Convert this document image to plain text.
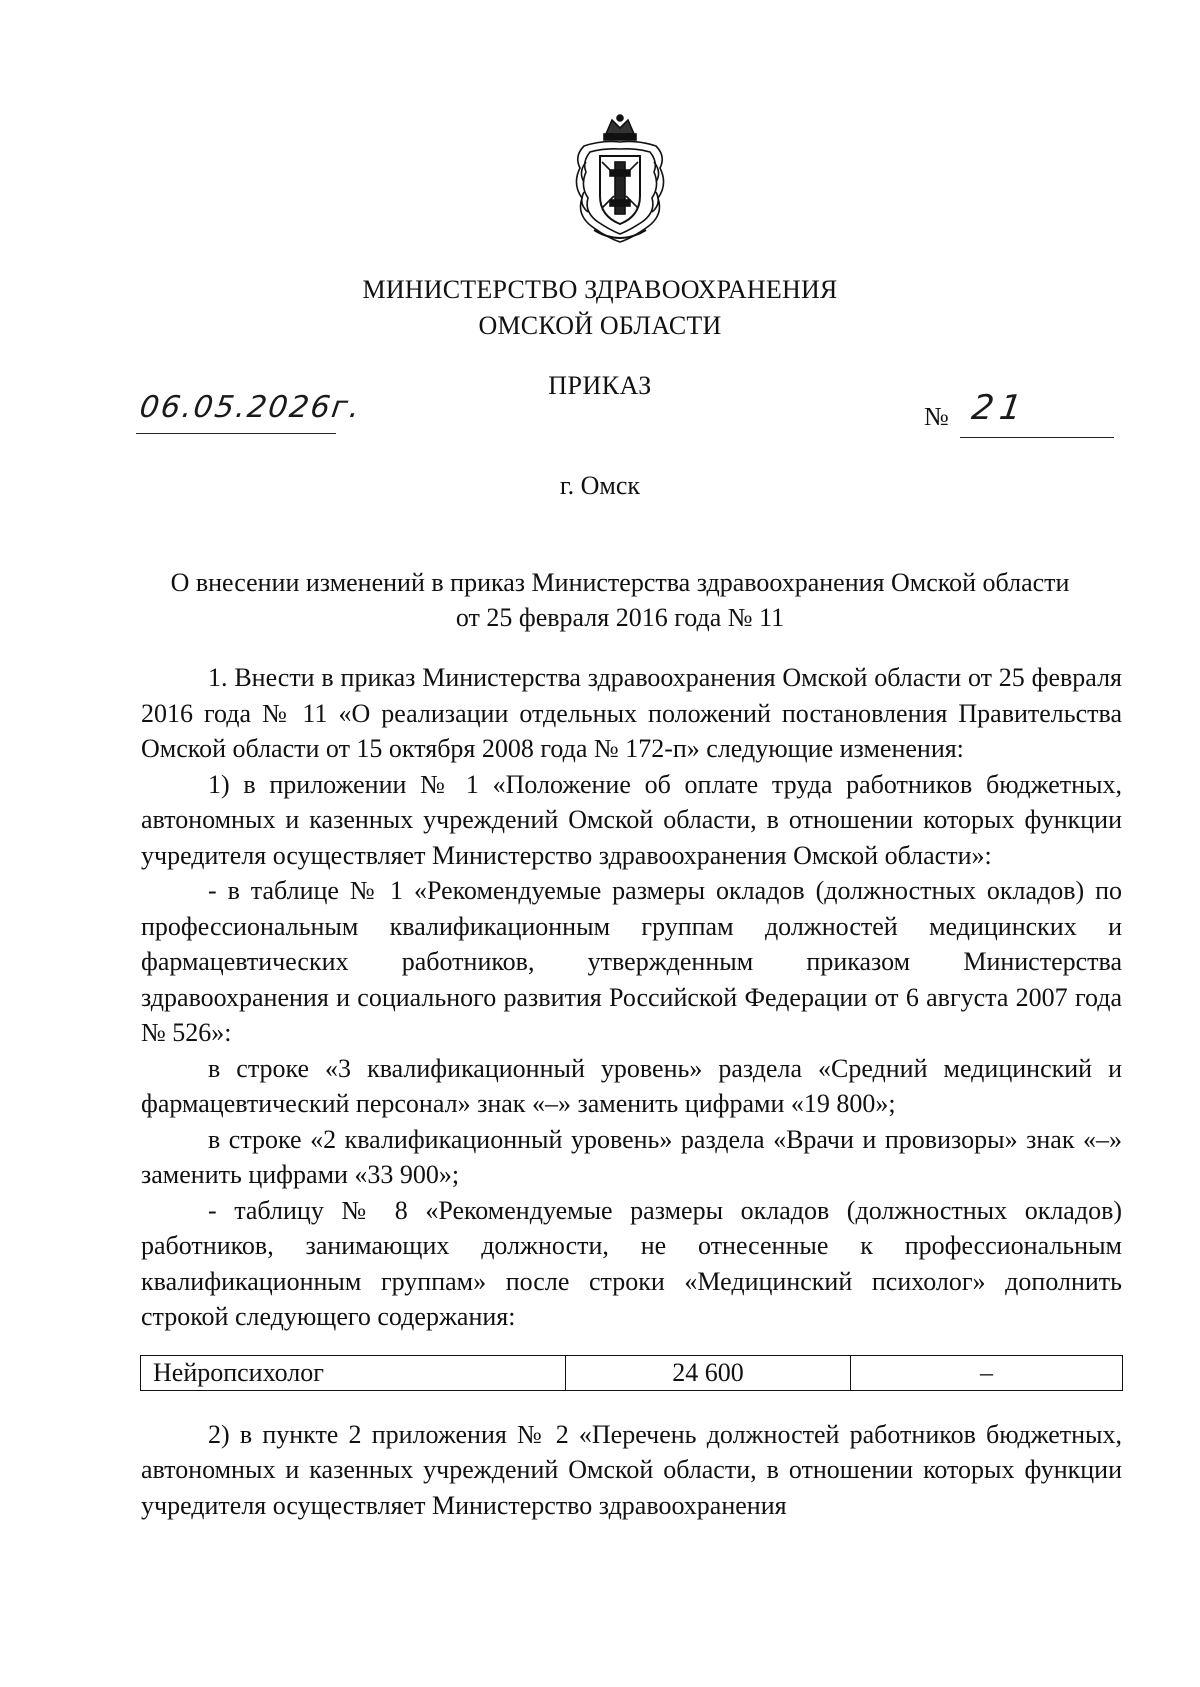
МИНИСТЕРСТВО ЗДРАВООХРАНЕНИЯ
ОМСКОЙ ОБЛАСТИ
ПРИКАЗ
06.05.2026г.	№ 21
г. Омск
О внесении изменений в приказ Министерства здравоохранения Омской области
от 25 февраля 2016 года № 11

1. Внести в приказ Министерства здравоохранения Омской области от 25 февраля 2016 года № 11 «О реализации отдельных положений постановления Правительства Омской области от 15 октября 2008 года № 172-п» следующие изменения:

1) в приложении № 1 «Положение об оплате труда работников бюджетных, автономных и казенных учреждений Омской области, в отношении которых функции учредителя осуществляет Министерство здравоохранения Омской области»:

- в таблице № 1 «Рекомендуемые размеры окладов (должностных окладов) по профессиональным квалификационным группам должностей медицинских и фармацевтических работников, утвержденным приказом Министерства здравоохранения и социального развития Российской Федерации от 6 августа 2007 года № 526»:

в строке «3 квалификационный уровень» раздела «Средний медицинский и фармацевтический персонал» знак «–» заменить цифрами «19 800»;

в строке «2 квалификационный уровень» раздела «Врачи и провизоры» знак «–» заменить цифрами «33 900»;

- таблицу № 8 «Рекомендуемые размеры окладов (должностных окладов) работников, занимающих должности, не отнесенные к профессиональным квалификационным группам» после строки «Медицинский психолог» дополнить строкой следующего содержания:

Нейропсихолог	24 600	–

2) в пункте 2 приложения № 2 «Перечень должностей работников бюджетных, автономных и казенных учреждений Омской области, в отношении которых функции учредителя осуществляет Министерство здравоохранения
